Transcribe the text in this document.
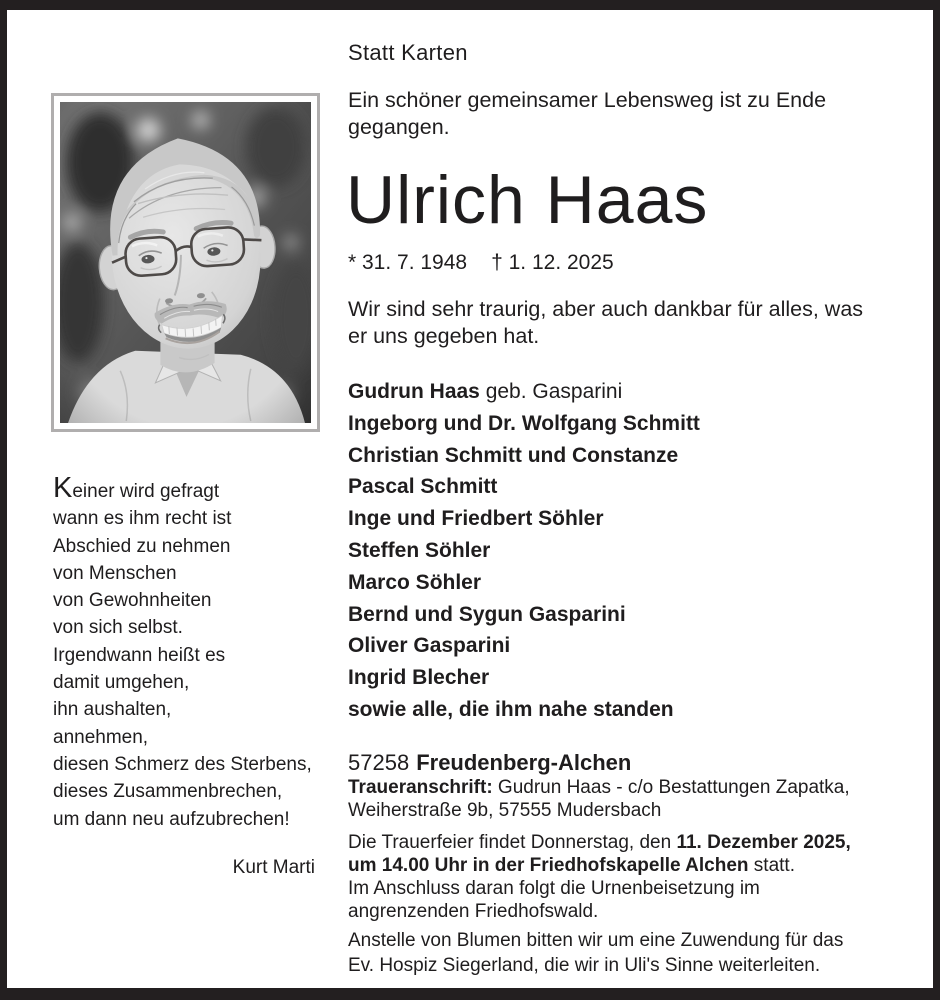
Statt Karten
Ein schöner gemeinsamer Lebensweg ist zu Ende gegangen.
Ulrich Haas
* 31. 7. 1948 † 1. 12. 2025
Wir sind sehr traurig, aber auch dankbar für alles, was er uns gegeben hat.
Gudrun Haas geb. Gasparini
Ingeborg und Dr. Wolfgang Schmitt
Christian Schmitt und Constanze
Pascal Schmitt
Inge und Friedbert Söhler
Steffen Söhler
Marco Söhler
Bernd und Sygun Gasparini
Oliver Gasparini
Ingrid Blecher
sowie alle, die ihm nahe standen
Keiner wird gefragt
wann es ihm recht ist
Abschied zu nehmen
von Menschen
von Gewohnheiten
von sich selbst.
Irgendwann heißt es
damit umgehen,
ihn aushalten,
annehmen,
diesen Schmerz des Sterbens,
dieses Zusammenbrechen,
um dann neu aufzubrechen!
Kurt Marti
57258 Freudenberg-Alchen

Traueranschrift: Gudrun Haas - c/o Bestattungen Zapatka, Weiherstraße 9b, 57555 Mudersbach

Die Trauerfeier findet Donnerstag, den 11. Dezember 2025,
um 14.00 Uhr in der Friedhofskapelle Alchen statt.
Im Anschluss daran folgt die Urnenbeisetzung im
angrenzenden Friedhofswald.

Anstelle von Blumen bitten wir um eine Zuwendung für das
Ev. Hospiz Siegerland, die wir in Uli's Sinne weiterleiten.
